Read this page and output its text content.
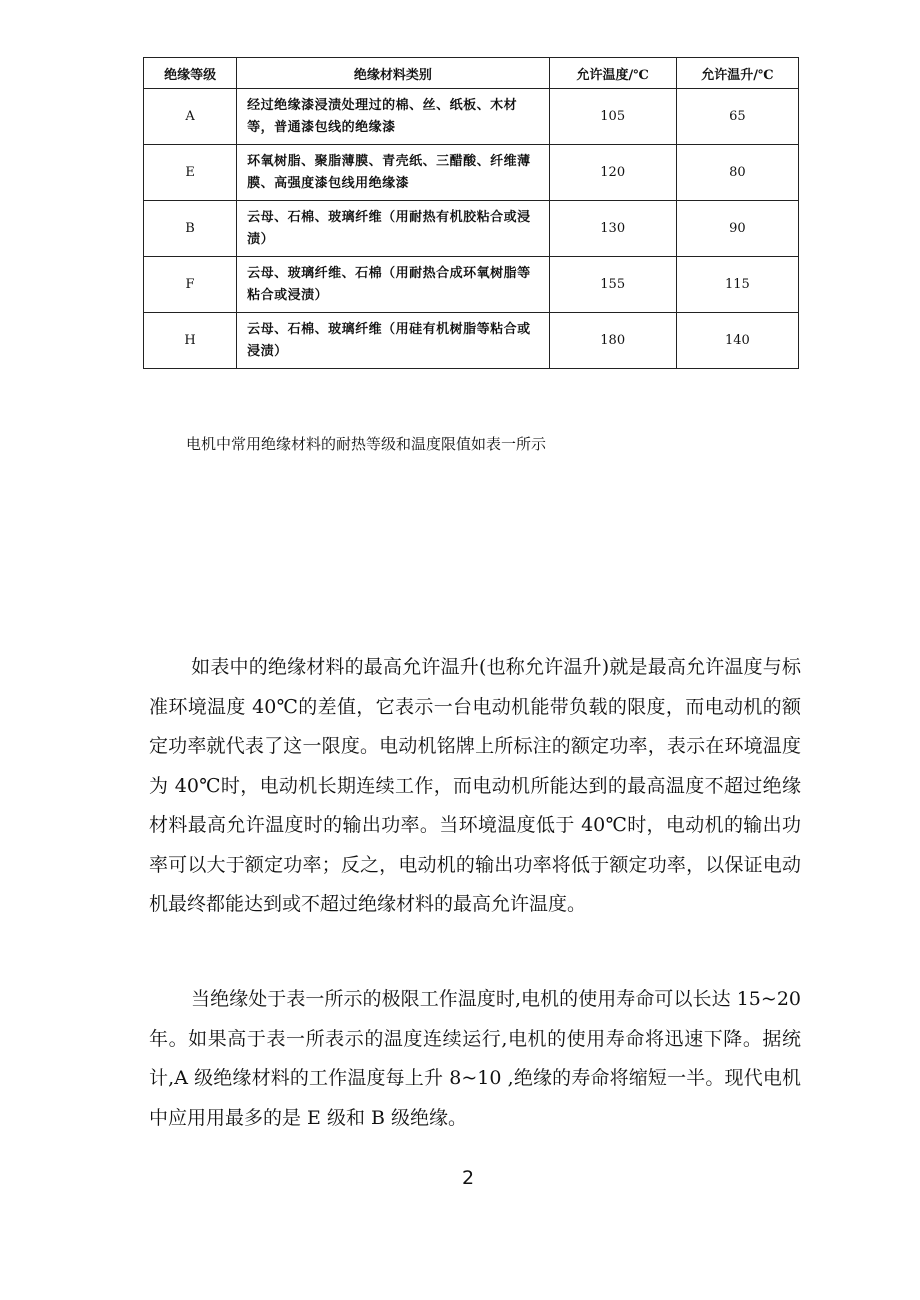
绝缘等级	绝缘材料类别	允许温度/℃	允许温升/℃
A	经过绝缘漆浸渍处理过的棉、丝、纸板、木材等，普通漆包线的绝缘漆	105	65
E	环氧树脂、聚脂薄膜、青壳纸、三醋酸、纤维薄膜、高强度漆包线用绝缘漆	120	80
B	云母、石棉、玻璃纤维（用耐热有机胶粘合或浸渍）	130	90
F	云母、玻璃纤维、石棉（用耐热合成环氧树脂等粘合或浸渍）	155	115
H	云母、石棉、玻璃纤维（用硅有机树脂等粘合或浸渍）	180	140
电机中常用绝缘材料的耐热等级和温度限值如表一所示

如表中的绝缘材料的最高允许温升(也称允许温升)就是最高允许温度与标准环境温度 40℃的差值，它表示一台电动机能带负载的限度，而电动机的额定功率就代表了这一限度。电动机铭牌上所标注的额定功率，表示在环境温度为 40℃时，电动机长期连续工作，而电动机所能达到的最高温度不超过绝缘材料最高允许温度时的输出功率。当环境温度低于 40℃时，电动机的输出功率可以大于额定功率；反之，电动机的输出功率将低于额定功率，以保证电动机最终都能达到或不超过绝缘材料的最高允许温度。

当绝缘处于表一所示的极限工作温度时,电机的使用寿命可以长达 15~20 年。如果高于表一所表示的温度连续运行,电机的使用寿命将迅速下降。据统计,A 级绝缘材料的工作温度每上升 8~10 ,绝缘的寿命将缩短一半。现代电机中应用用最多的是 E 级和 B 级绝缘。

2
